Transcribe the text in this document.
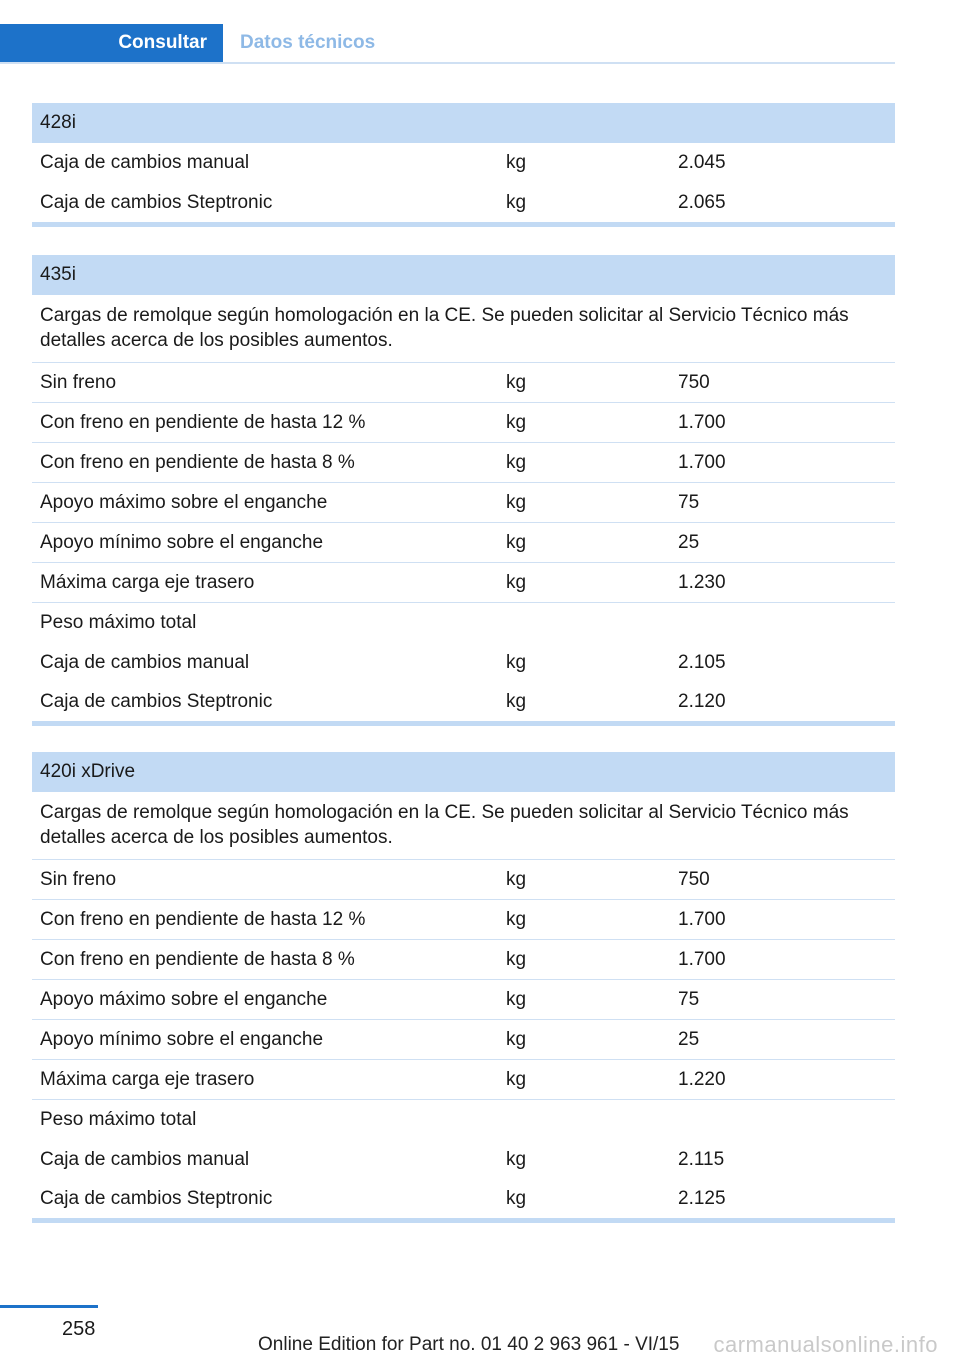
Consultar	Datos técnicos
428i
Caja de cambios manual	kg	2.045
Caja de cambios Steptronic	kg	2.065
435i
Cargas de remolque según homologación en la CE. Se pueden solicitar al Servicio Técnico más detalles acerca de los posibles aumentos.
Sin freno	kg	750
Con freno en pendiente de hasta 12 %	kg	1.700
Con freno en pendiente de hasta 8 %	kg	1.700
Apoyo máximo sobre el enganche	kg	75
Apoyo mínimo sobre el enganche	kg	25
Máxima carga eje trasero	kg	1.230
Peso máximo total
Caja de cambios manual	kg	2.105
Caja de cambios Steptronic	kg	2.120
420i xDrive
Cargas de remolque según homologación en la CE. Se pueden solicitar al Servicio Técnico más detalles acerca de los posibles aumentos.
Sin freno	kg	750
Con freno en pendiente de hasta 12 %	kg	1.700
Con freno en pendiente de hasta 8 %	kg	1.700
Apoyo máximo sobre el enganche	kg	75
Apoyo mínimo sobre el enganche	kg	25
Máxima carga eje trasero	kg	1.220
Peso máximo total
Caja de cambios manual	kg	2.115
Caja de cambios Steptronic	kg	2.125
258
Online Edition for Part no. 01 40 2 963 961 - VI/15 carmanualsonline.info
